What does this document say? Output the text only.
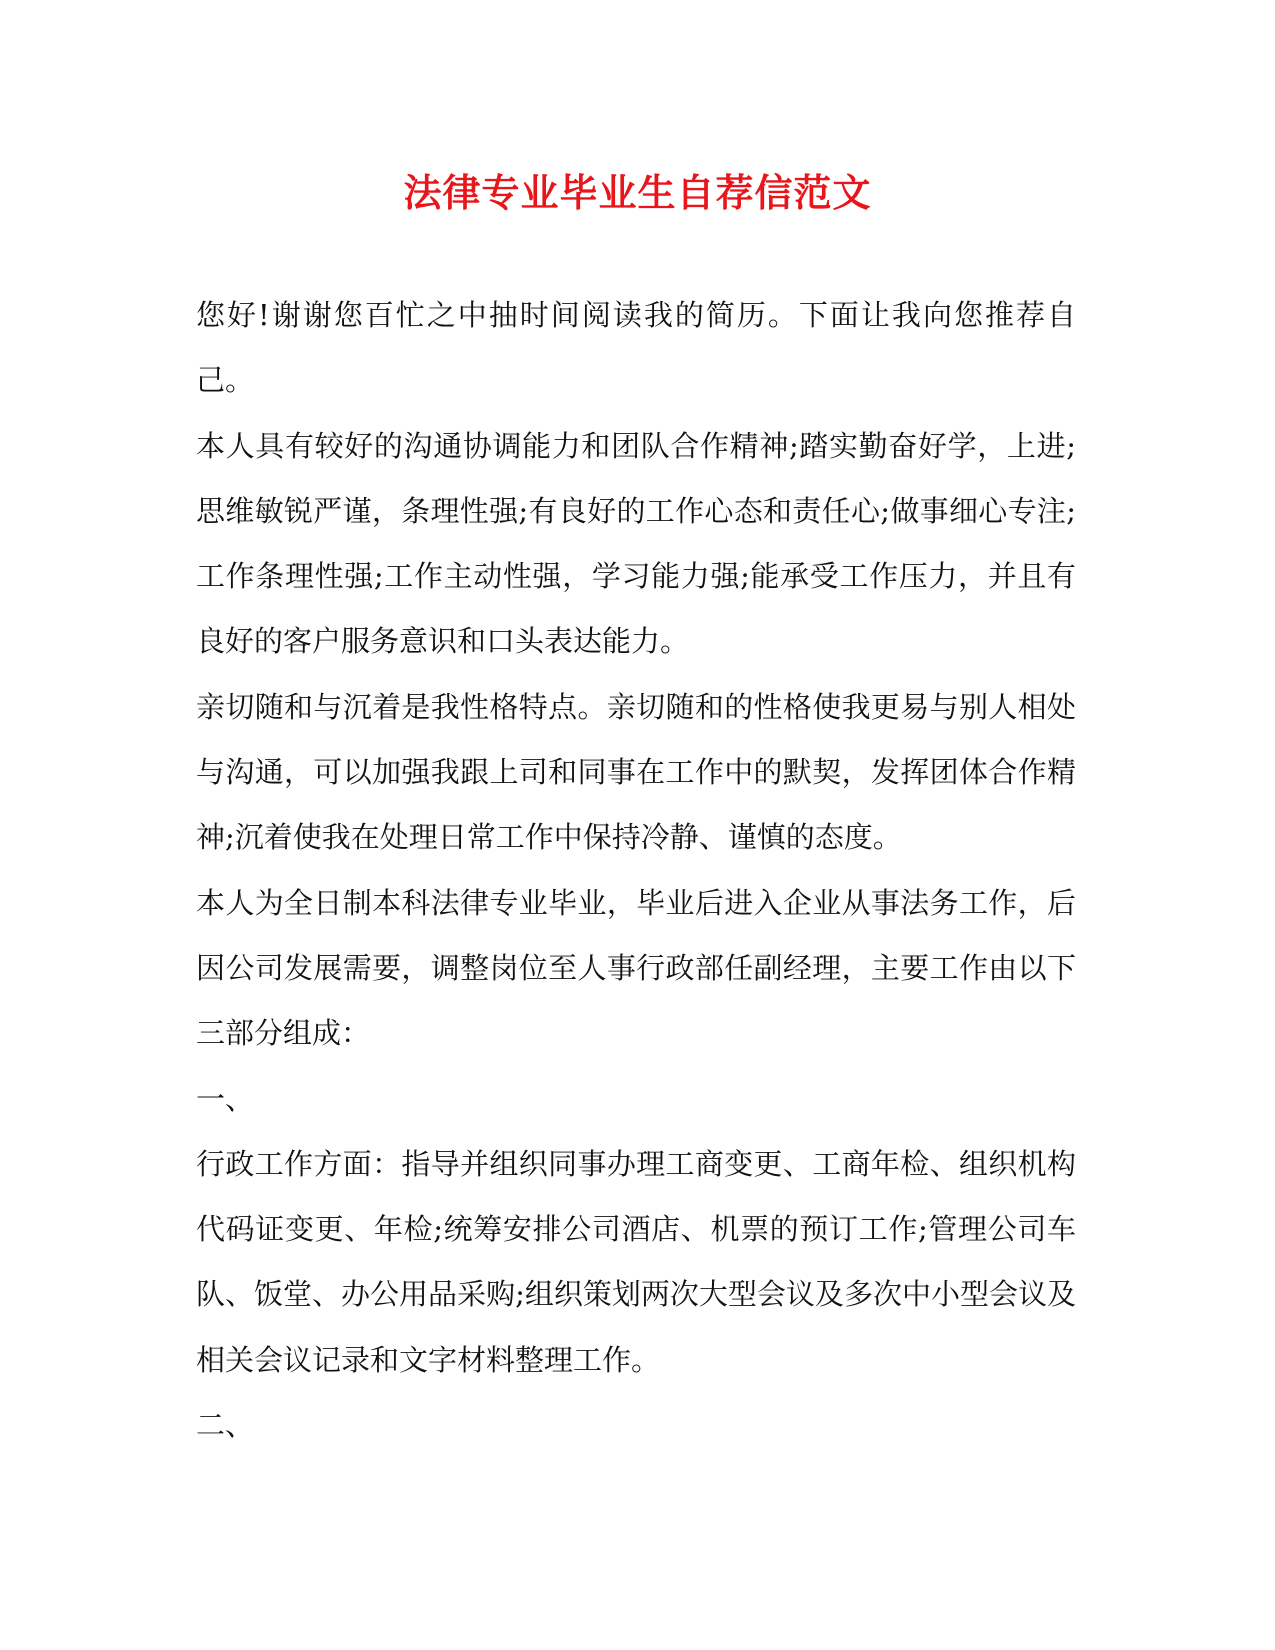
法律专业毕业生自荐信范文

您好!谢谢您百忙之中抽时间阅读我的简历。下面让我向您推荐自己。

本人具有较好的沟通协调能力和团队合作精神;踏实勤奋好学，上进;思维敏锐严谨，条理性强;有良好的工作心态和责任心;做事细心专注;工作条理性强;工作主动性强，学习能力强;能承受工作压力，并且有良好的客户服务意识和口头表达能力。

亲切随和与沉着是我性格特点。亲切随和的性格使我更易与别人相处与沟通，可以加强我跟上司和同事在工作中的默契，发挥团体合作精神;沉着使我在处理日常工作中保持冷静、谨慎的态度。

本人为全日制本科法律专业毕业，毕业后进入企业从事法务工作，后因公司发展需要，调整岗位至人事行政部任副经理，主要工作由以下三部分组成：

一、

行政工作方面：指导并组织同事办理工商变更、工商年检、组织机构代码证变更、年检;统筹安排公司酒店、机票的预订工作;管理公司车队、饭堂、办公用品采购;组织策划两次大型会议及多次中小型会议及相关会议记录和文字材料整理工作。

二、
